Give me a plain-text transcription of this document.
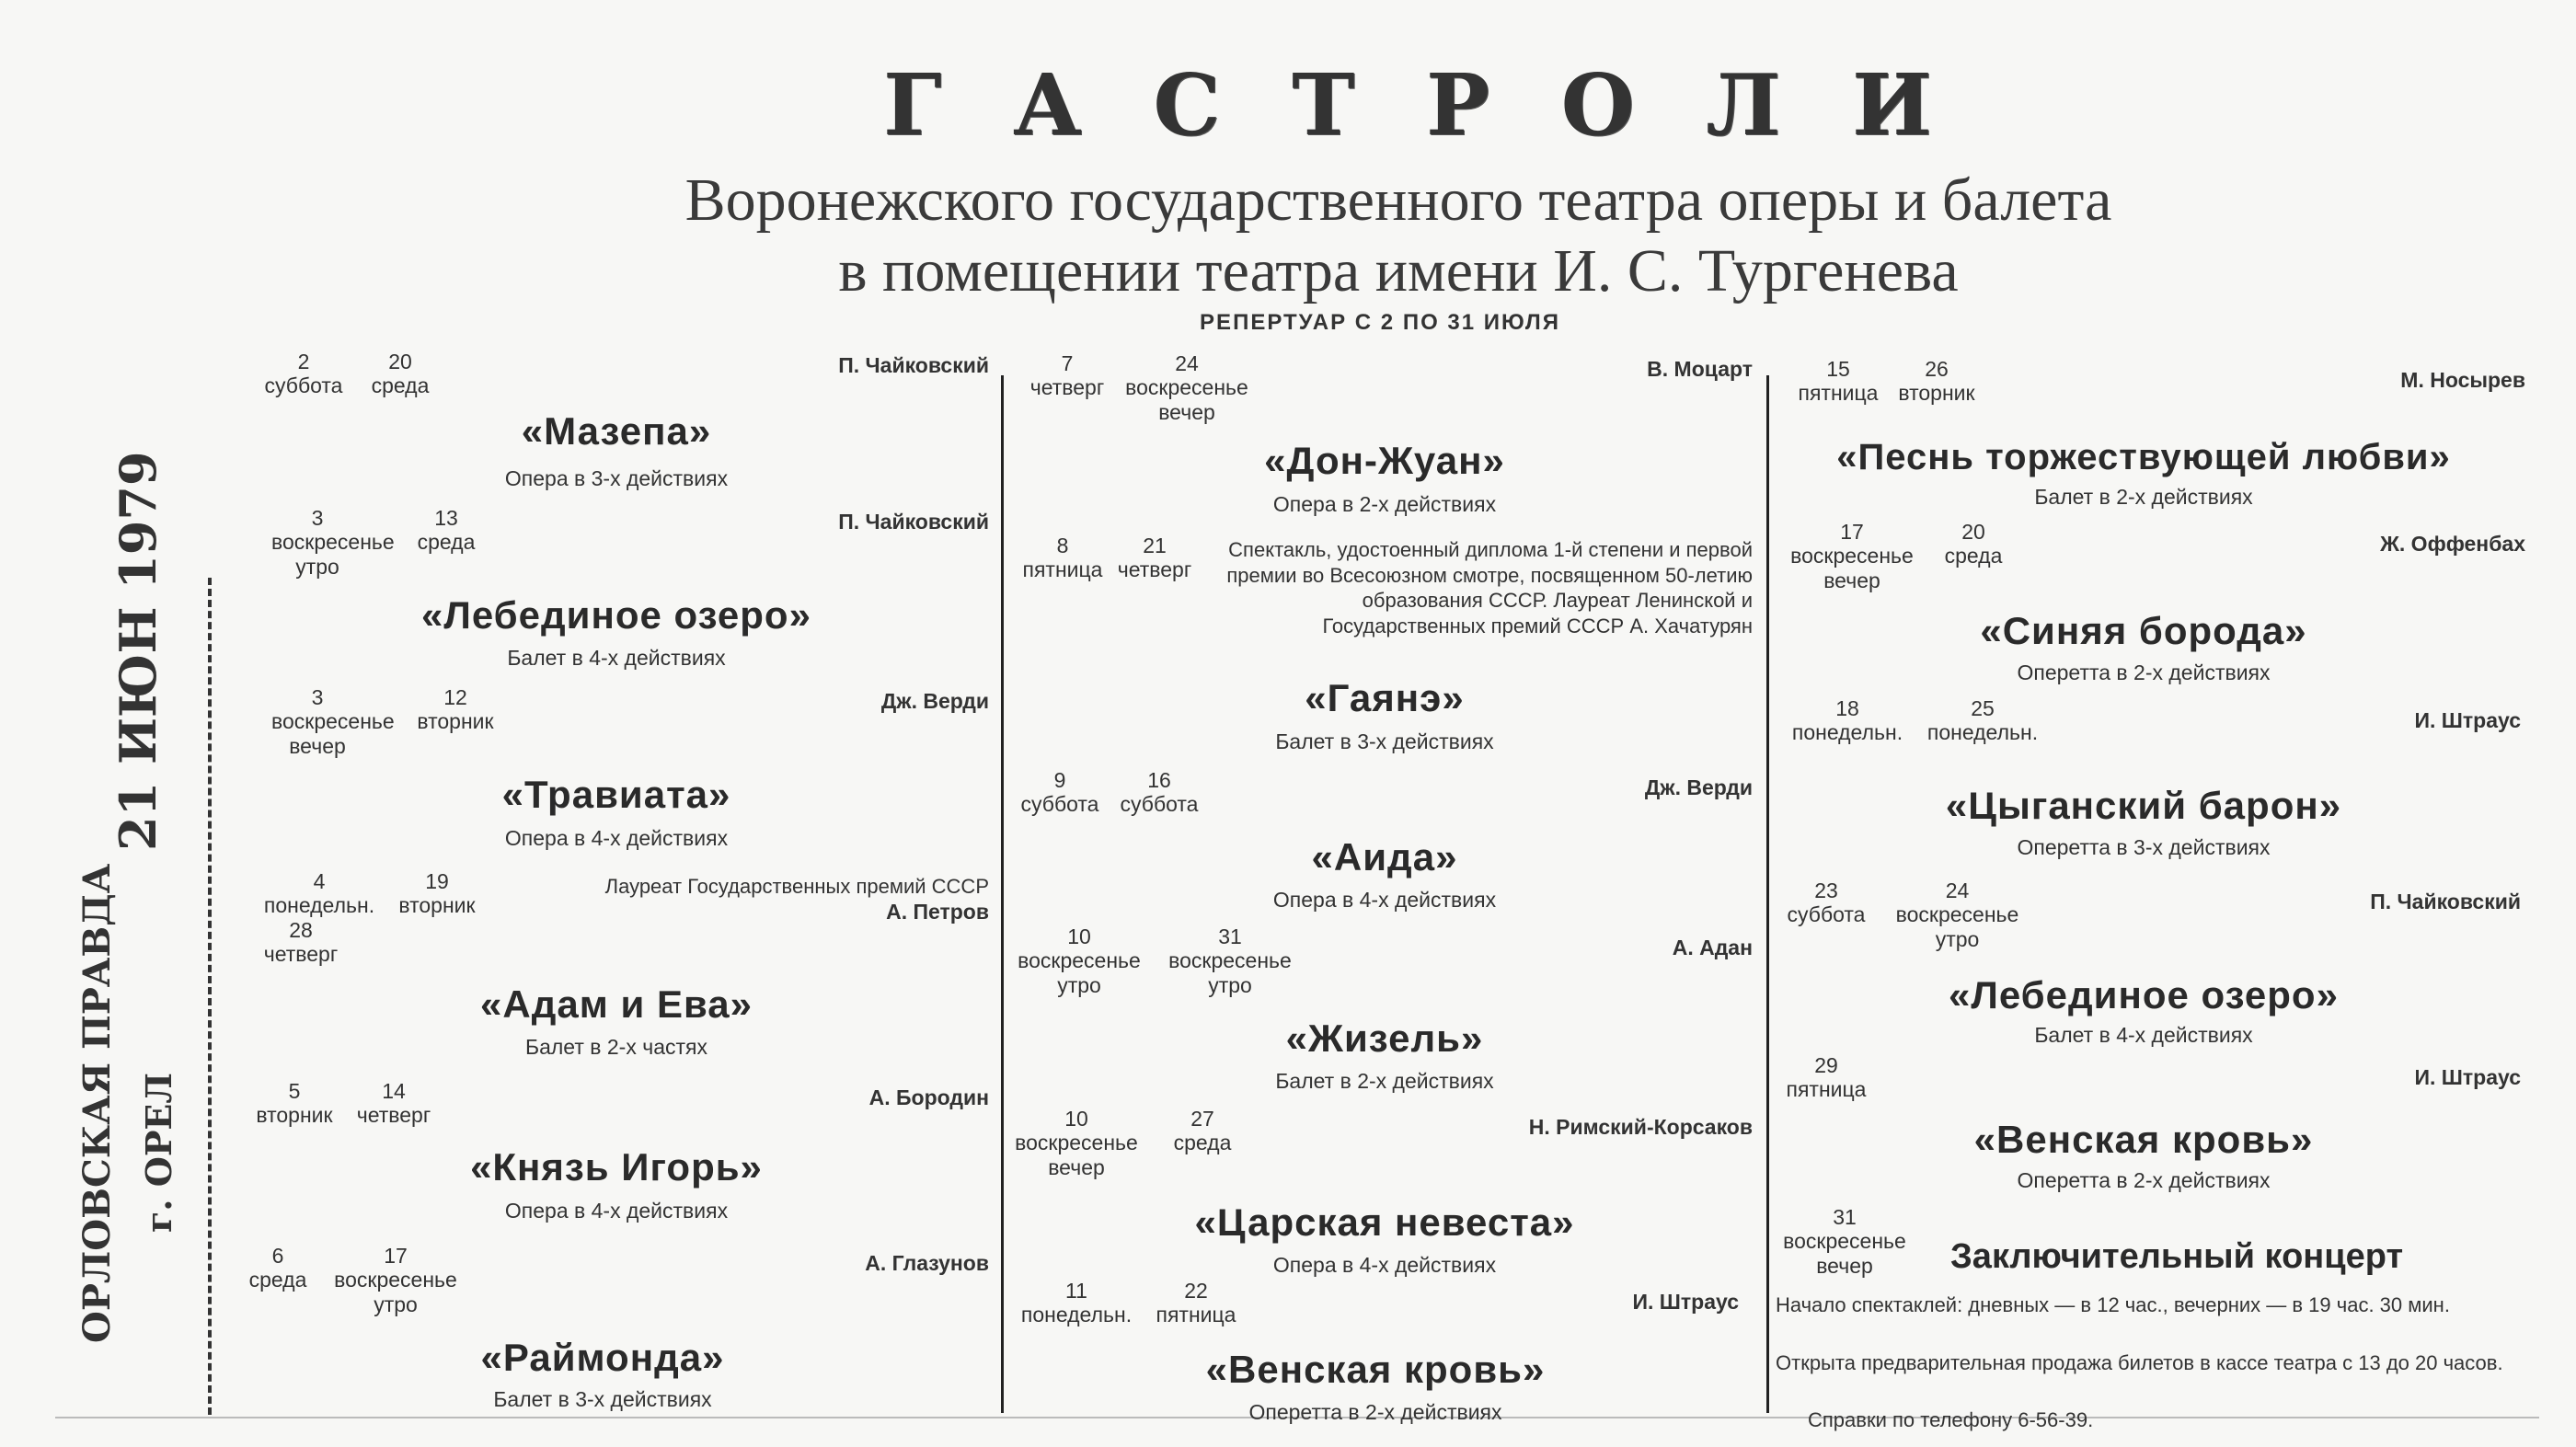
Г А С Т Р О Л И
Воронежского государственного театра оперы и балета
в помещении театра имени И. С. Тургенева
РЕПЕРТУАР С 2 ПО 31 ИЮЛЯ
21 ИЮН 1979
ОРЛОВСКАЯ ПРАВДА г. ОРЕЛ
2
суббота
20
среда
П. Чайковский
«Мазепа»
Опера в 3-х действиях
3
воскресенье утро
13
среда
П. Чайковский
«Лебединое озеро»
Балет в 4-х действиях
3
воскресенье вечер
12
вторник
Дж. Верди
«Травиата»
Опера в 4-х действиях
4
понедельн.
19
вторник
28
четверг
Лауреат Государственных премий СССР
А. Петров
«Адам и Ева»
Балет в 2-х частях
5
вторник
14
четверг
А. Бородин
«Князь Игорь»
Опера в 4-х действиях
6
среда
17
воскресенье утро
А. Глазунов
«Раймонда»
Балет в 3-х действиях
7
четверг
24
воскресенье вечер
В. Моцарт
«Дон-Жуан»
Опера в 2-х действиях
8
пятница
21
четверг
Спектакль, удостоенный диплома 1-й степени и первой премии во Всесоюзном смотре, посвященном 50-летию образования СССР. Лауреат Ленинской и Государственных премий СССР А. Хачатурян
«Гаянэ»
Балет в 3-х действиях
9
суббота
16
суббота
Дж. Верди
«Аида»
Опера в 4-х действиях
10
воскресенье утро
31
воскресенье утро
А. Адан
«Жизель»
Балет в 2-х действиях
10
воскресенье вечер
27
среда
Н. Римский-Корсаков
«Царская невеста»
Опера в 4-х действиях
11
понедельн.
22
пятница
И. Штраус
«Венская кровь»
Оперетта в 2-х действиях
15
пятница
26
вторник
М. Носырев
«Песнь торжествующей любви»
Балет в 2-х действиях
17
воскресенье вечер
20
среда
Ж. Оффенбах
«Синяя борода»
Оперетта в 2-х действиях
18
понедельн.
25
понедельн.
И. Штраус
«Цыганский барон»
Оперетта в 3-х действиях
23
суббота
24
воскресенье утро
П. Чайковский
«Лебединое озеро»
Балет в 4-х действиях
29
пятница
И. Штраус
«Венская кровь»
Оперетта в 2-х действиях
31
воскресенье вечер	Заключительный концерт
Начало спектаклей: дневных — в 12 час., вечерних — в 19 час. 30 мин.
Открыта предварительная продажа билетов в кассе театра с 13 до 20 часов.
Справки по телефону 6-56-39.
